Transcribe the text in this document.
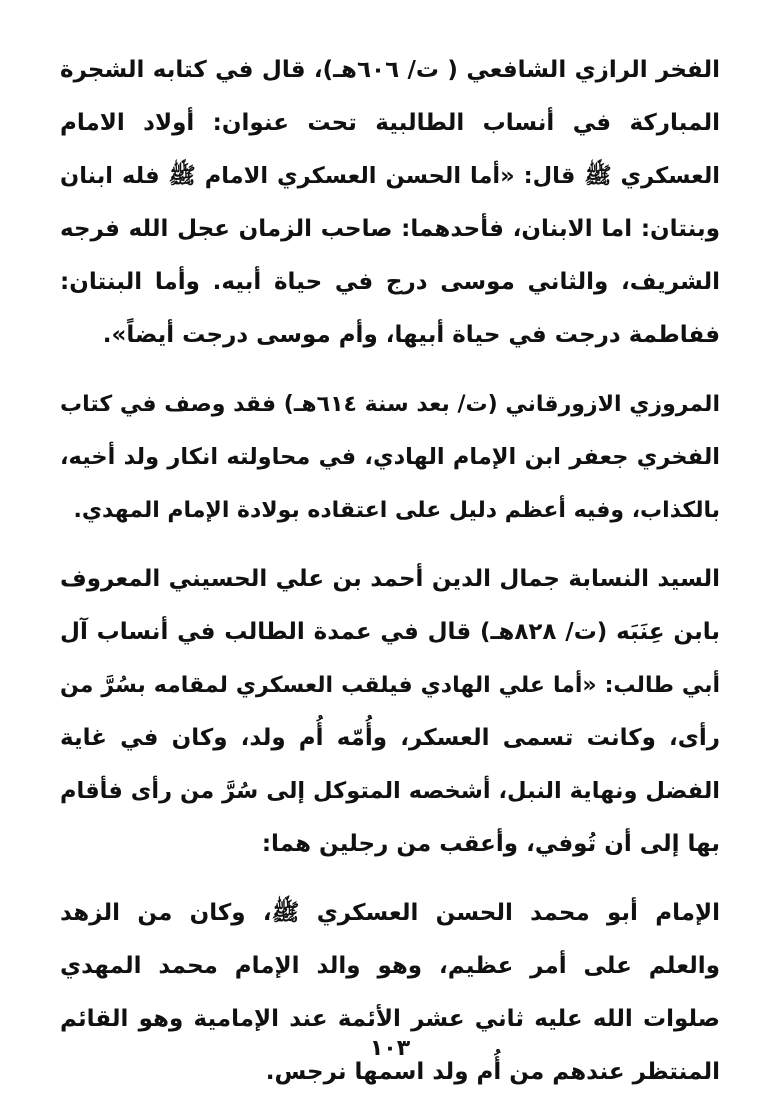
الفخر الرازي الشافعي ( ت/ ٦٠٦هـ)، قال في كتابه الشجرة
المباركة في أنساب الطالبية تحت عنوان: أولاد الامام
العسكري ﷺ قال: «أما الحسن العسكري الامام ﷺ فله ابنان
وبنتان: اما الابنان، فأحدهما: صاحب الزمان عجل الله فرجه
الشريف، والثاني موسى درج في حياة أبيه. وأما البنتان:
ففاطمة درجت في حياة أبيها، وأم موسى درجت أيضاً».
المروزي الازورقاني (ت/ بعد سنة ٦١٤هـ) فقد وصف في كتاب
الفخري جعفر ابن الإمام الهادي، في محاولته انكار ولد أخيه،
بالكذاب، وفيه أعظم دليل على اعتقاده بولادة الإمام المهدي.
السيد النسابة جمال الدين أحمد بن علي الحسيني المعروف
بابن عِنَبَه (ت/ ٨٢٨هـ) قال في عمدة الطالب في أنساب آل
أبي طالب: «أما علي الهادي فيلقب العسكري لمقامه بسُرَّ من
رأى، وكانت تسمى العسكر، وأُمّه أُم ولد، وكان في غاية
الفضل ونهاية النبل، أشخصه المتوكل إلى سُرَّ من رأى فأقام
بها إلى أن تُوفي، وأعقب من رجلين هما:
الإمام أبو محمد الحسن العسكري ﷺ، وكان من الزهد
والعلم على أمر عظيم، وهو والد الإمام محمد المهدي
صلوات الله عليه ثاني عشر الأئمة عند الإمامية وهو القائم
المنتظر عندهم من أُم ولد اسمها نرجس.
١٠٣
